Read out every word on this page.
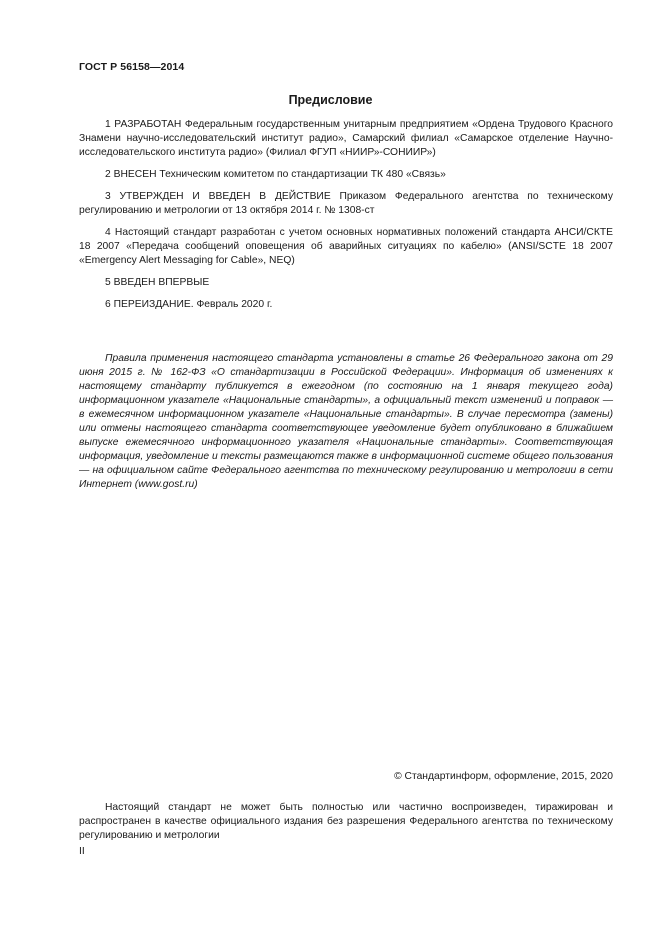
ГОСТ Р 56158—2014
Предисловие

1 РАЗРАБОТАН Федеральным государственным унитарным предприятием «Ордена Трудового Красного Знамени научно-исследовательский институт радио», Самарский филиал «Самарское отделение Научно-исследовательского института радио» (Филиал ФГУП «НИИР»-СОНИИР»)

2 ВНЕСЕН Техническим комитетом по стандартизации ТК 480 «Связь»

3 УТВЕРЖДЕН И ВВЕДЕН В ДЕЙСТВИЕ Приказом Федерального агентства по техническому регулированию и метрологии от 13 октября 2014 г. № 1308-ст

4 Настоящий стандарт разработан с учетом основных нормативных положений стандарта АНСИ/СКТЕ 18 2007 «Передача сообщений оповещения об аварийных ситуациях по кабелю» (ANSI/SCTE 18 2007 «Emergency Alert Messaging for Cable», NEQ)

5 ВВЕДЕН ВПЕРВЫЕ

6 ПЕРЕИЗДАНИЕ. Февраль 2020 г.

Правила применения настоящего стандарта установлены в статье 26 Федерального закона от 29 июня 2015 г. № 162-ФЗ «О стандартизации в Российской Федерации». Информация об изменениях к настоящему стандарту публикуется в ежегодном (по состоянию на 1 января текущего года) информационном указателе «Национальные стандарты», а официальный текст изменений и поправок — в ежемесячном информационном указателе «Национальные стандарты». В случае пересмотра (замены) или отмены настоящего стандарта соответствующее уведомление будет опубликовано в ближайшем выпуске ежемесячного информационного указателя «Национальные стандарты». Соответствующая информация, уведомление и тексты размещаются также в информационной системе общего пользования — на официальном сайте Федерального агентства по техническому регулированию и метрологии в сети Интернет (www.gost.ru)

© Стандартинформ, оформление, 2015, 2020

Настоящий стандарт не может быть полностью или частично воспроизведен, тиражирован и распространен в качестве официального издания без разрешения Федерального агентства по техническому регулированию и метрологии

II
